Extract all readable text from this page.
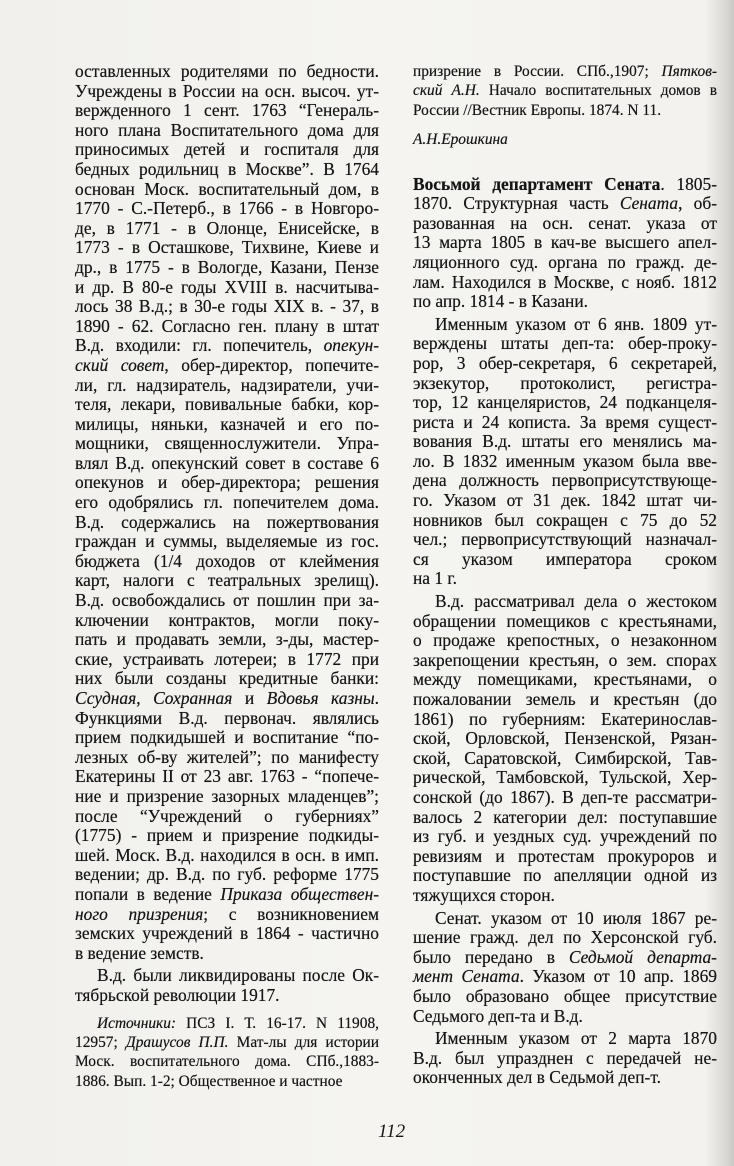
оставленных родителями по бедности.
Учреждены в России на осн. высоч. ут-
вержденного 1 сент. 1763 “Генераль-
ного плана Воспитательного дома для
приносимых детей и госпиталя для
бедных родильниц в Москве”. В 1764
основан Моск. воспитательный дом, в
1770 - С.-Петерб., в 1766 - в Новгоро-
де, в 1771 - в Олонце, Енисейске, в
1773 - в Осташкове, Тихвине, Киеве и
др., в 1775 - в Вологде, Казани, Пензе
и др. В 80-е годы XVIII в. насчитыва-
лось 38 В.д.; в 30-е годы XIX в. - 37, в
1890 - 62. Согласно ген. плану в штат
В.д. входили: гл. попечитель, опекун-
ский совет, обер-директор, попечите-
ли, гл. надзиратель, надзиратели, учи-
теля, лекари, повивальные бабки, кор-
милицы, няньки, казначей и его по-
мощники, священнослужители. Упра-
влял В.д. опекунский совет в составе 6
опекунов и обер-директора; решения
его одобрялись гл. попечителем дома.
В.д. содержались на пожертвования
граждан и суммы, выделяемые из гос.
бюджета (1/4 доходов от клеймения
карт, налоги с театральных зрелищ).
В.д. освобождались от пошлин при за-
ключении контрактов, могли поку-
пать и продавать земли, з-ды, мастер-
ские, устраивать лотереи; в 1772 при
них были созданы кредитные банки:
Ссудная, Сохранная и Вдовья казны.
Функциями В.д. первонач. являлись
прием подкидышей и воспитание “по-
лезных об-ву жителей”; по манифесту
Екатерины II от 23 авг. 1763 - “попече-
ние и призрение зазорных младенцев”;
после “Учреждений о губерниях”
(1775) - прием и призрение подкиды-
шей. Моск. В.д. находился в осн. в имп.
ведении; др. В.д. по губ. реформе 1775
попали в ведение Приказа обществен-
ного призрения; с возникновением
земских учреждений в 1864 - частично
в ведение земств.
В.д. были ликвидированы после Ок-
тябрьской революции 1917.
Источники: ПСЗ I. Т. 16-17. N 11908,
12957; Драшусов П.П. Мат-лы для истории
Моск. воспитательного дома. СПб.,1883-
1886. Вып. 1-2; Общественное и частное
призрение в России. СПб.,1907; Пятков-
ский А.Н. Начало воспитательных домов в
России //Вестник Европы. 1874. N 11.
А.Н.Ерошкина
Восьмой департамент Сената. 1805-
1870. Структурная часть Сената, об-
разованная на осн. сенат. указа от
13 марта 1805 в кач-ве высшего апел-
ляционного суд. органа по гражд. де-
лам. Находился в Москве, с нояб. 1812
по апр. 1814 - в Казани.
Именным указом от 6 янв. 1809 ут-
верждены штаты деп-та: обер-проку-
рор, 3 обер-секретаря, 6 секретарей,
экзекутор, протоколист, регистра-
тор, 12 канцеляристов, 24 подканцеля-
риста и 24 кописта. За время сущест-
вования В.д. штаты его менялись ма-
ло. В 1832 именным указом была вве-
дена должность первоприсутствующе-
го. Указом от 31 дек. 1842 штат чи-
новников был сокращен с 75 до 52
чел.; первоприсутствующий назначал-
ся указом императора сроком
на 1 г.
В.д. рассматривал дела о жестоком
обращении помещиков с крестьянами,
о продаже крепостных, о незаконном
закрепощении крестьян, о зем. спорах
между помещиками, крестьянами, о
пожаловании земель и крестьян (до
1861) по губерниям: Екатеринослав-
ской, Орловской, Пензенской, Рязан-
ской, Саратовской, Симбирской, Тав-
рической, Тамбовской, Тульской, Хер-
сонской (до 1867). В деп-те рассматри-
валось 2 категории дел: поступавшие
из губ. и уездных суд. учреждений по
ревизиям и протестам прокуроров и
поступавшие по апелляции одной из
тяжущихся сторон.
Сенат. указом от 10 июля 1867 ре-
шение гражд. дел по Херсонской губ.
было передано в Седьмой департа-
мент Сената. Указом от 10 апр. 1869
было образовано общее присутствие
Седьмого деп-та и В.д.
Именным указом от 2 марта 1870
В.д. был упразднен с передачей не-
оконченных дел в Седьмой деп-т.
112
